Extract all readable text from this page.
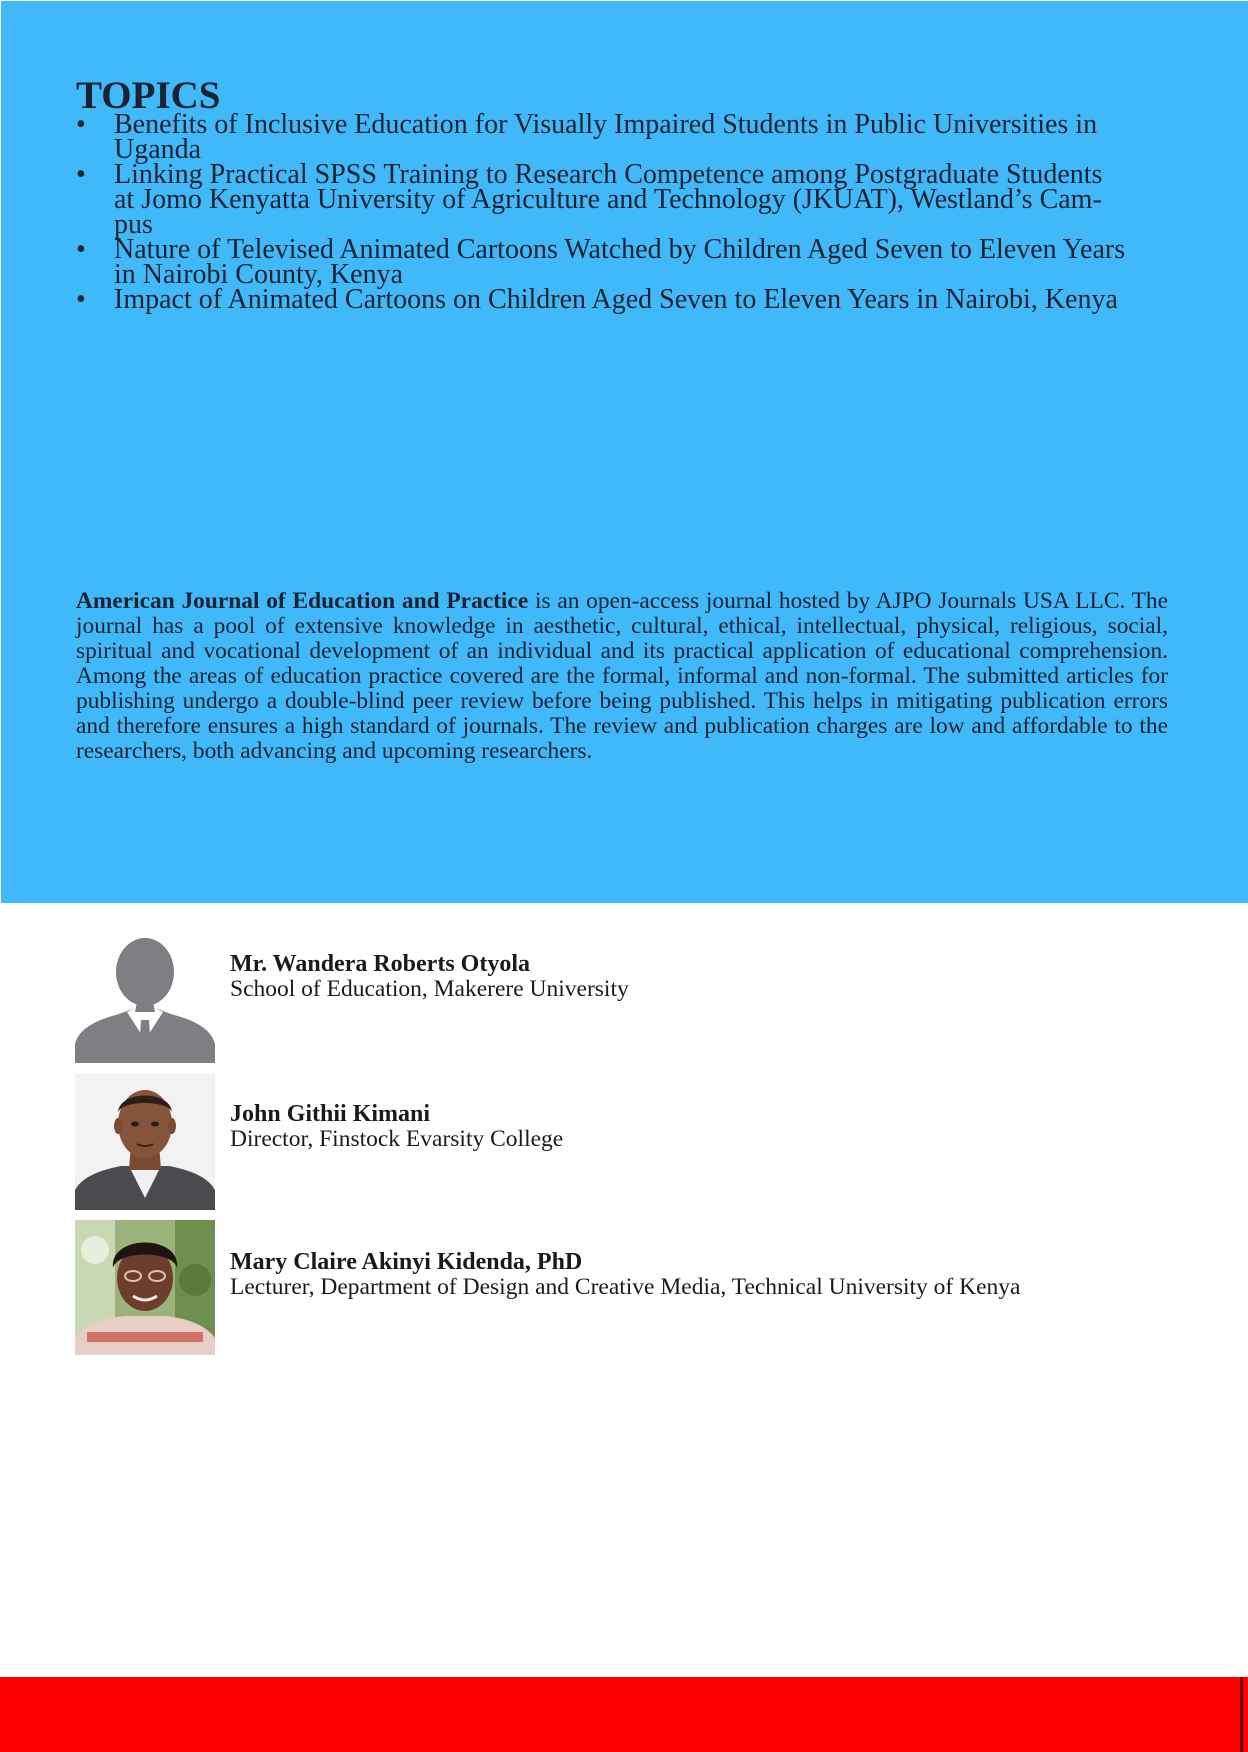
TOPICS
• Benefits of Inclusive Education for Visually Impaired Students in Public Universities in
Uganda
• Linking Practical SPSS Training to Research Competence among Postgraduate Students
at Jomo Kenyatta University of Agriculture and Technology (JKUAT), Westland’s Cam-
pus
• Nature of Televised Animated Cartoons Watched by Children Aged Seven to Eleven Years
in Nairobi County, Kenya
• Impact of Animated Cartoons on Children Aged Seven to Eleven Years in Nairobi, Kenya

American Journal of Education and Practice is an open-access journal hosted by AJPO Journals USA LLC. The journal has a pool of extensive knowledge in aesthetic, cultural, ethical, intellectual, physical, religious, social, spiritual and vocational development of an individual and its practical application of educational comprehension. Among the areas of education practice covered are the formal, informal and non-formal. The submitted articles for publishing undergo a double-blind peer review before being published. This helps in mitigating publication errors and therefore ensures a high standard of journals. The review and publication charges are low and affordable to the researchers, both advancing and upcoming researchers.

Mr. Wandera Roberts Otyola
School of Education, Makerere University
John Githii Kimani
Director, Finstock Evarsity College
Mary Claire Akinyi Kidenda, PhD
Lecturer, Department of Design and Creative Media, Technical University of Kenya
